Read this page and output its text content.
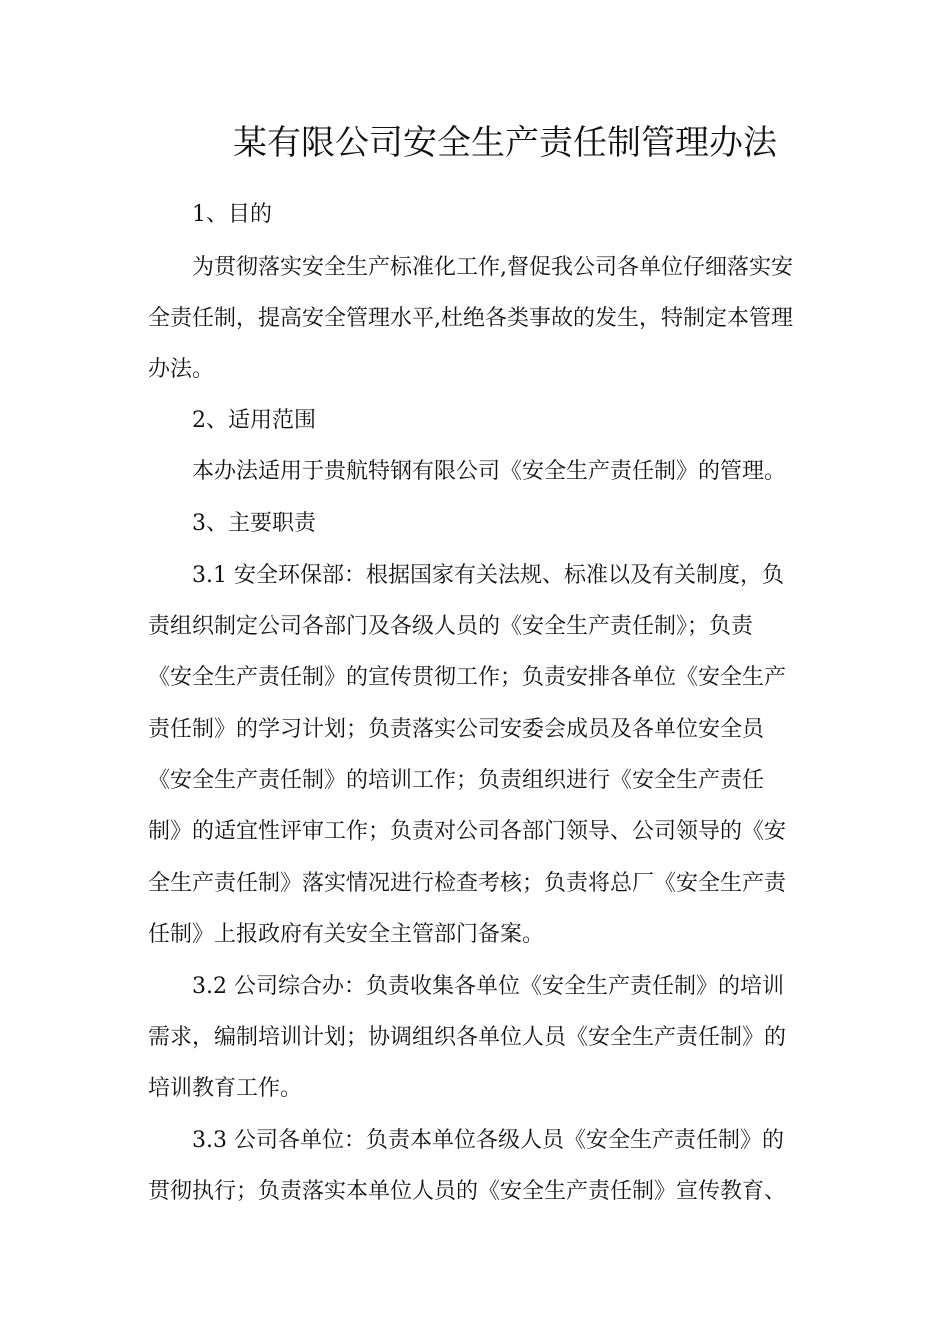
某有限公司安全生产责任制管理办法
1、目的
为贯彻落实安全生产标准化工作,督促我公司各单位仔细落实安
全责任制，提高安全管理水平,杜绝各类事故的发生，特制定本管理
办法。
2、适用范围
本办法适用于贵航特钢有限公司《安全生产责任制》的管理。
3、主要职责
3.1 安全环保部：根据国家有关法规、标准以及有关制度，负
责组织制定公司各部门及各级人员的《安全生产责任制》；负责
《安全生产责任制》的宣传贯彻工作；负责安排各单位《安全生产
责任制》的学习计划；负责落实公司安委会成员及各单位安全员
《安全生产责任制》的培训工作；负责组织进行《安全生产责任
制》的适宜性评审工作；负责对公司各部门领导、公司领导的《安
全生产责任制》落实情况进行检查考核；负责将总厂《安全生产责
任制》上报政府有关安全主管部门备案。
3.2 公司综合办：负责收集各单位《安全生产责任制》的培训
需求，编制培训计划；协调组织各单位人员《安全生产责任制》的
培训教育工作。
3.3 公司各单位：负责本单位各级人员《安全生产责任制》的
贯彻执行；负责落实本单位人员的《安全生产责任制》宣传教育、
